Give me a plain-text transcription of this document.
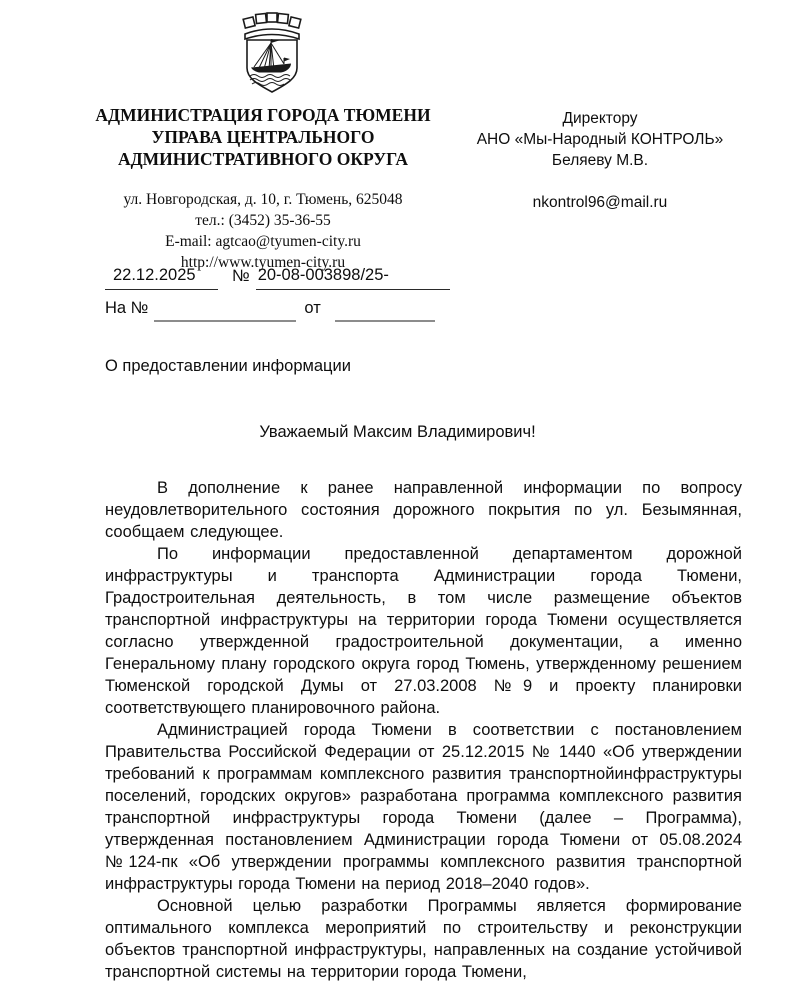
АДМИНИСТРАЦИЯ ГОРОДА ТЮМЕНИ
УПРАВА ЦЕНТРАЛЬНОГО
АДМИНИСТРАТИВНОГО ОКРУГА
ул. Новгородская, д. 10, г. Тюмень, 625048
тел.: (3452) 35-36-55
E-mail: agtcao@tyumen-city.ru
http://www.tyumen-city.ru
Директору
АНО «Мы-Народный КОНТРОЛЬ»
Беляеву М.В.
nkontrol96@mail.ru
22.12.2025	№ 20-08-003898/25-
На №	от
О предоставлении информации
Уважаемый Максим Владимирович!

В дополнение к ранее направленной информации по вопросу неудовлетворительного состояния дорожного покрытия по ул. Безымянная, сообщаем следующее.

По информации предоставленной департаментом дорожной инфраструктуры и транспорта Администрации города Тюмени, Градостроительная деятельность, в том числе размещение объектов транспортной инфраструктуры на территории города Тюмени осуществляется согласно утвержденной градостроительной документации, а именно Генеральному плану городского округа город Тюмень, утвержденному решением Тюменской городской Думы от 27.03.2008 №9 и проекту планировки соответствующего планировочного района.

Администрацией города Тюмени в соответствии с постановлением Правительства Российской Федерации от 25.12.2015 № 1440 «Об утверждении требований к программам комплексного развития транспортнойинфраструктуры поселений, городских округов» разработана программа комплексного развития транспортной инфраструктуры города Тюмени (далее – Программа), утвержденная постановлением Администрации города Тюмени от 05.08.2024 №124-пк «Об утверждении программы комплексного развития транспортной инфраструктуры города Тюмени на период 2018–2040 годов».

Основной целью разработки Программы является формирование оптимального комплекса мероприятий по строительству и реконструкции объектов транспортной инфраструктуры, направленных на создание устойчивой транспортной системы на территории города Тюмени,
